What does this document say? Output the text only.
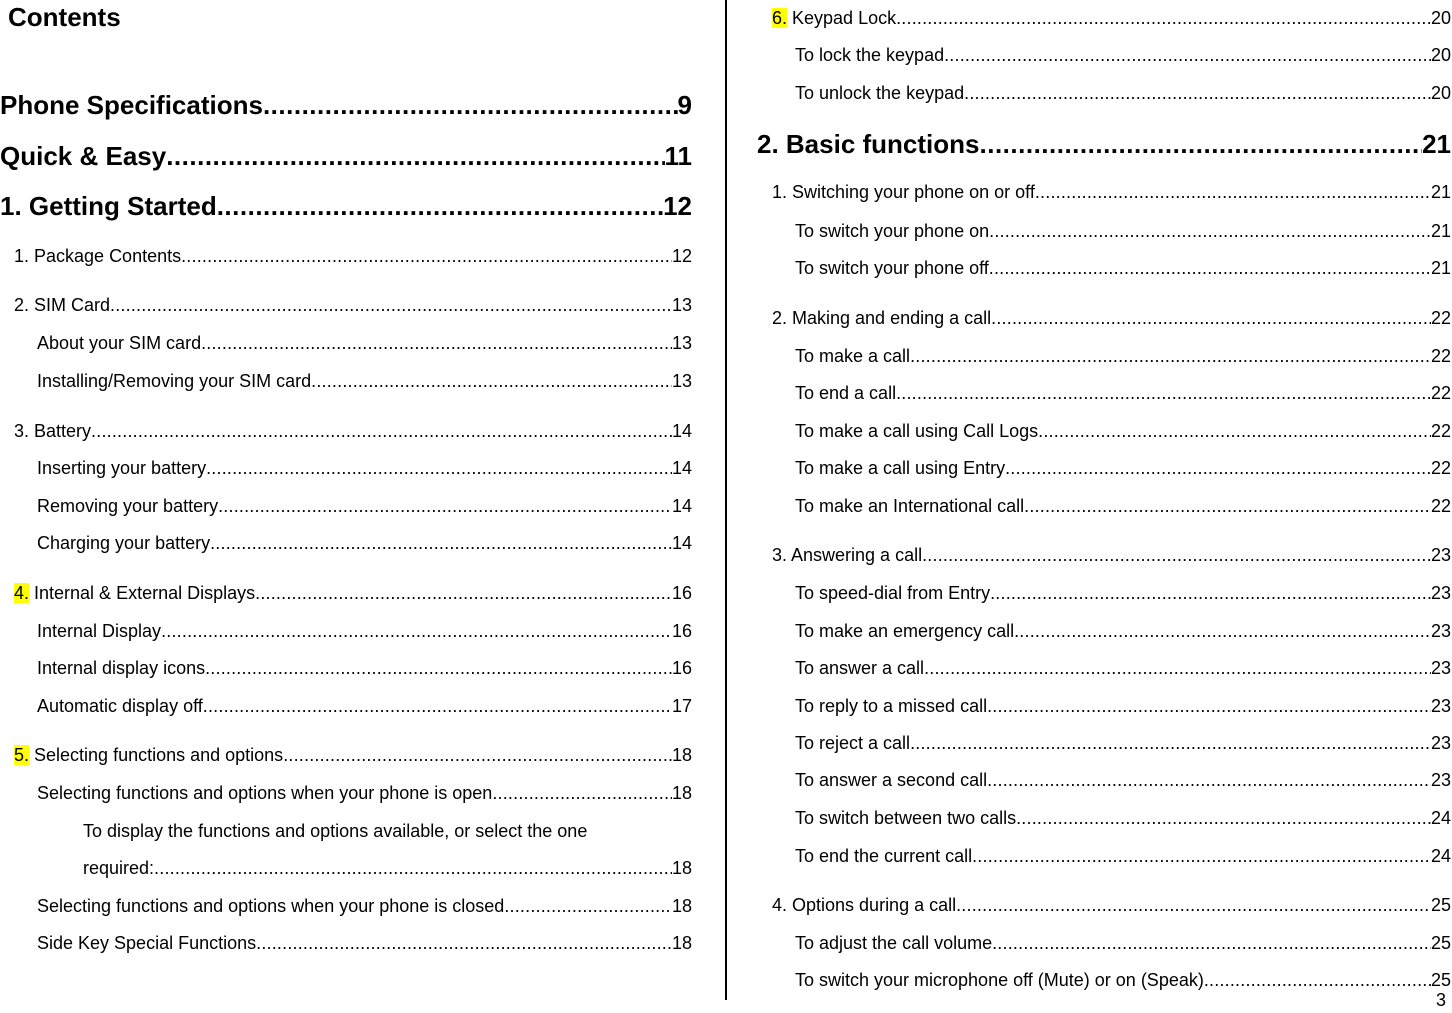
Contents
Phone Specifications .....	9
Quick & Easy .....	11
1. Getting Started .....	12
1. Package Contents .....	12
2. SIM Card .....	13
About your SIM card .....	13
Installing/Removing your SIM card .....	13
3. Battery .....	14
Inserting your battery .....	14
Removing your battery .....	14
Charging your battery .....	14
4. Internal & External Displays .....	16
Internal Display .....	16
Internal display icons .....	16
Automatic display off .....	17
5. Selecting functions and options .....	18
Selecting functions and options when your phone is open .....	18
To display the functions and options available, or select the one
required: .....	18
Selecting functions and options when your phone is closed .....	18
Side Key Special Functions .....	18
6. Keypad Lock .....	20
To lock the keypad .....	20
To unlock the keypad .....	20
2. Basic functions .....	21
1. Switching your phone on or off .....	21
To switch your phone on .....	21
To switch your phone off .....	21
2. Making and ending a call .....	22
To make a call .....	22
To end a call .....	22
To make a call using Call Logs .....	22
To make a call using Entry .....	22
To make an International call .....	22
3. Answering a call .....	23
To speed-dial from Entry .....	23
To make an emergency call .....	23
To answer a call .....	23
To reply to a missed call .....	23
To reject a call .....	23
To answer a second call .....	23
To switch between two calls .....	24
To end the current call .....	24
4. Options during a call .....	25
To adjust the call volume .....	25
To switch your microphone off (Mute) or on (Speak) .....	25
3
